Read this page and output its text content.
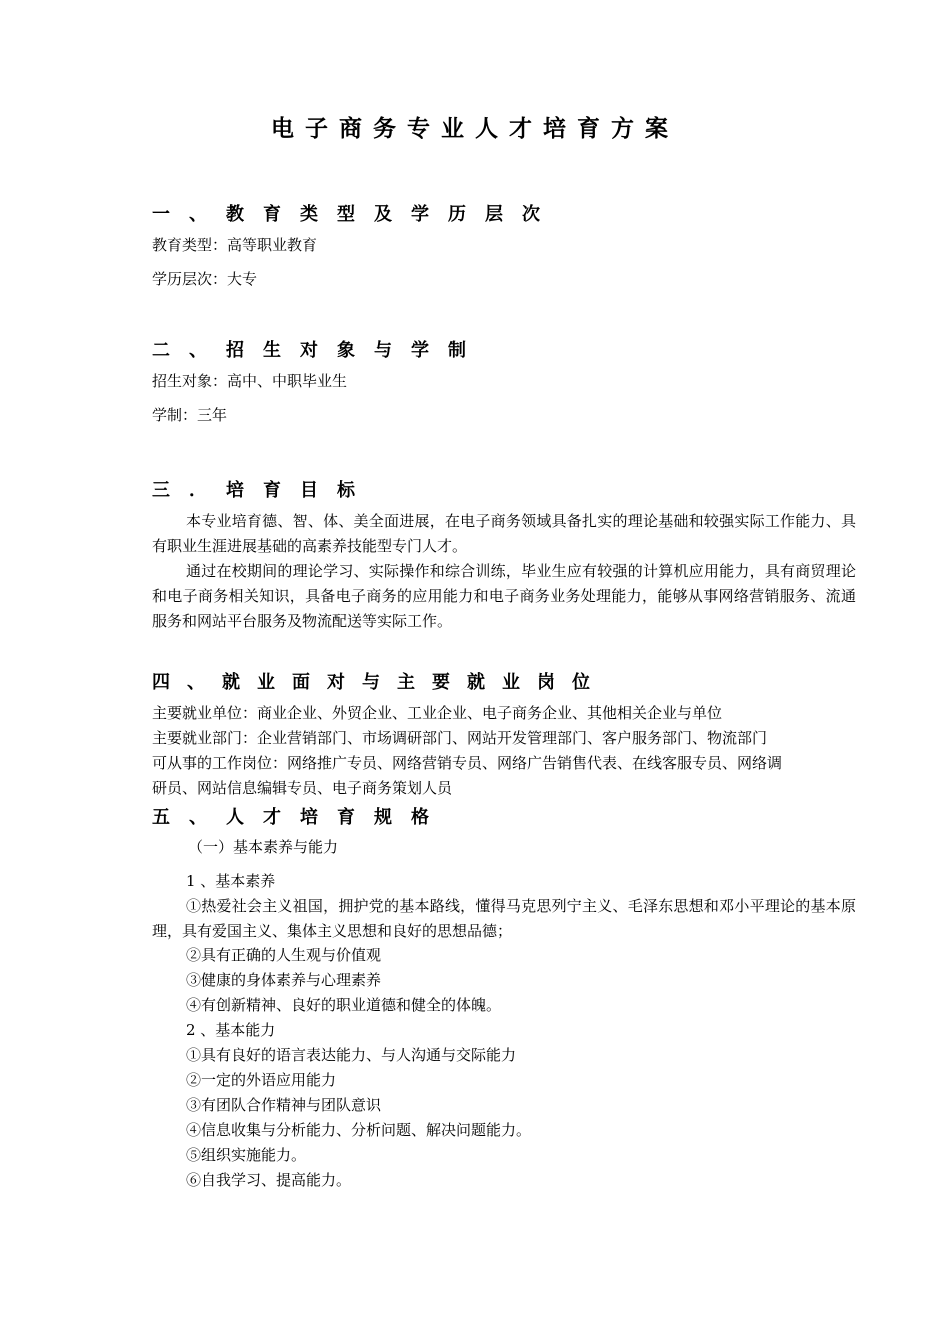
电子商务专业人才培育方案
一、教育类型及学历层次
教育类型：高等职业教育
学历层次：大专
二、招生对象与学制
招生对象：高中、中职毕业生
学制：三年
三．培育目标
本专业培育德、智、体、美全面进展，在电子商务领域具备扎实的理论基础和较强实际工作能力、具有职业生涯进展基础的高素养技能型专门人才。
通过在校期间的理论学习、实际操作和综合训练，毕业生应有较强的计算机应用能力，具有商贸理论和电子商务相关知识，具备电子商务的应用能力和电子商务业务处理能力，能够从事网络营销服务、流通服务和网站平台服务及物流配送等实际工作。
四、就业面对与主要就业岗位
主要就业单位：商业企业、外贸企业、工业企业、电子商务企业、其他相关企业与单位
主要就业部门：企业营销部门、市场调研部门、网站开发管理部门、客户服务部门、物流部门
可从事的工作岗位：网络推广专员、网络营销专员、网络广告销售代表、在线客服专员、网络调
研员、网站信息编辑专员、电子商务策划人员
五、人才培育规格
（一）基本素养与能力
1 、基本素养
①热爱社会主义祖国，拥护党的基本路线，懂得马克思列宁主义、毛泽东思想和邓小平理论的基本原理，具有爱国主义、集体主义思想和良好的思想品德；
②具有正确的人生观与价值观
③健康的身体素养与心理素养
④有创新精神、良好的职业道德和健全的体魄。
2 、基本能力
①具有良好的语言表达能力、与人沟通与交际能力
②一定的外语应用能力
③有团队合作精神与团队意识
④信息收集与分析能力、分析问题、解决问题能力。
⑤组织实施能力。
⑥自我学习、提高能力。
